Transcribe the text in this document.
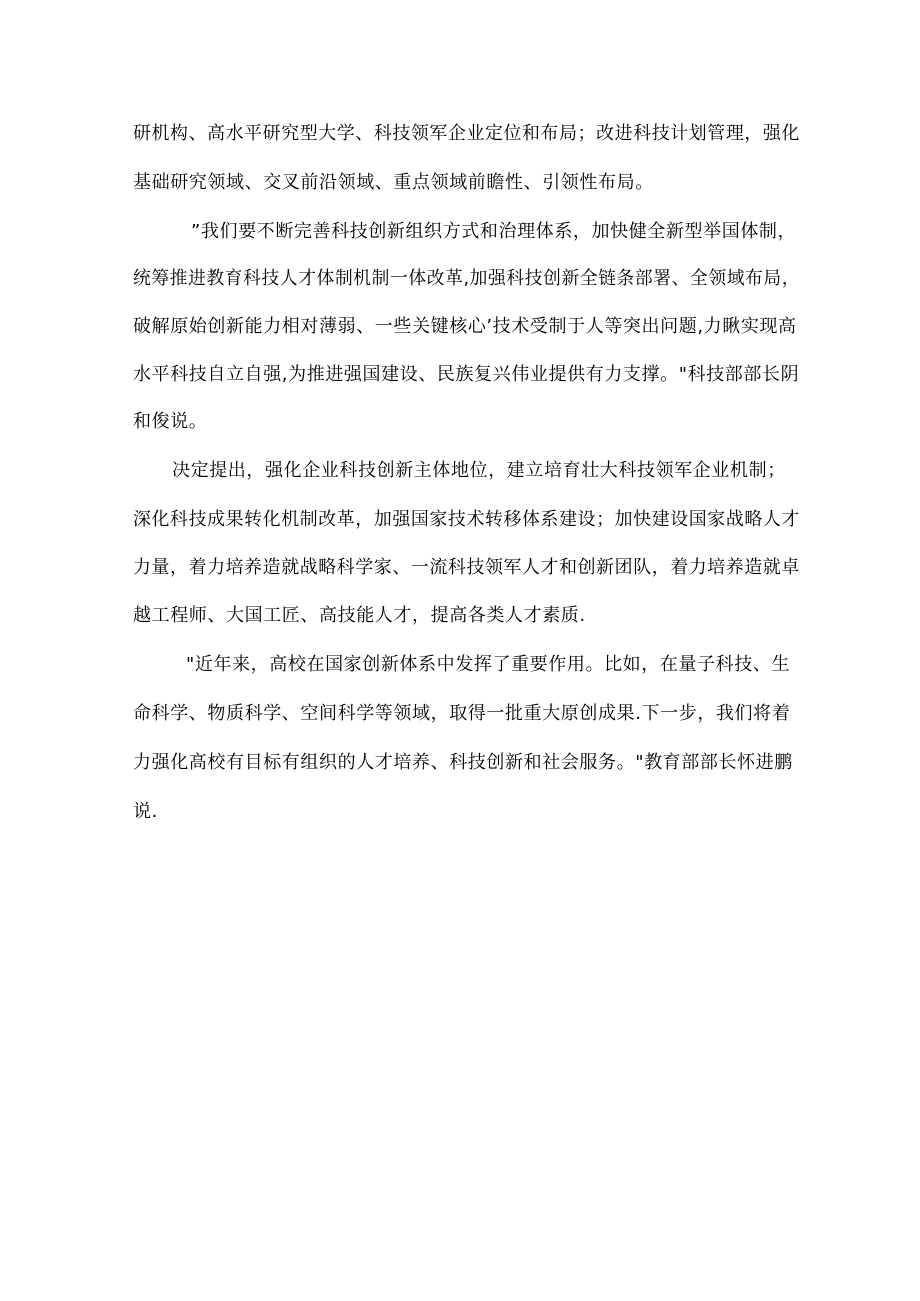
研机构、高水平研究型大学、科技领军企业定位和布局；改进科技计划管理，强化
基础研究领域、交叉前沿领域、重点领域前瞻性、引领性布局。
”我们要不断完善科技创新组织方式和治理体系，加快健全新型举国体制，
统筹推进教育科技人才体制机制一体改革,加强科技创新全链条部署、全领域布局，
破解原始创新能力相对薄弱、一些关键核心’技术受制于人等突出问题,力瞅实现高
水平科技自立自强,为推进强国建设、民族复兴伟业提供有力支撑。"科技部部长阴
和俊说。
决定提出，强化企业科技创新主体地位，建立培育壮大科技领军企业机制；
深化科技成果转化机制改革，加强国家技术转移体系建设；加快建设国家战略人才
力量，着力培养造就战略科学家、一流科技领军人才和创新团队，着力培养造就卓
越工程师、大国工匠、高技能人才，提高各类人才素质.
"近年来，高校在国家创新体系中发挥了重要作用。比如，在量子科技、生
命科学、物质科学、空间科学等领域，取得一批重大原创成果.下一步，我们将着
力强化高校有目标有组织的人才培养、科技创新和社会服务。"教育部部长怀进鹏
说.
